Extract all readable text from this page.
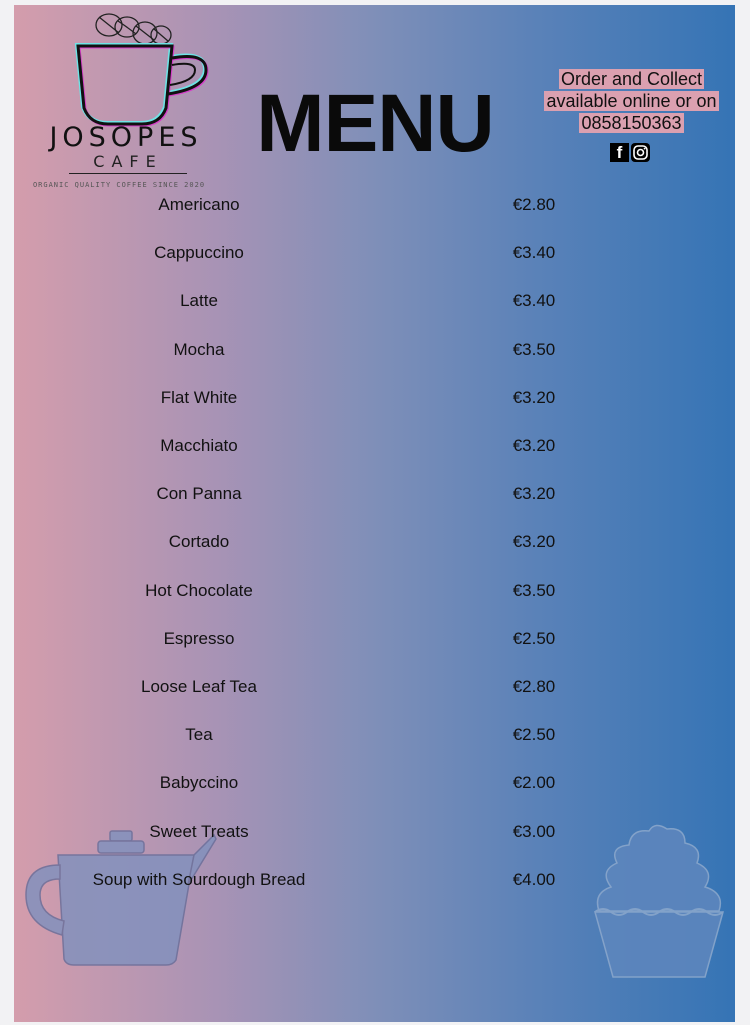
JOSOPES
CAFE
ORGANIC QUALITY COFFEE SINCE 2020
MENU	Order and Collect
available online or on
0858150363
f
Americano	€2.80
Cappuccino	€3.40
Latte	€3.40
Mocha	€3.50
Flat White	€3.20
Macchiato	€3.20
Con Panna	€3.20
Cortado	€3.20
Hot Chocolate	€3.50
Espresso	€2.50
Loose Leaf Tea	€2.80
Tea	€2.50
Babyccino	€2.00
Sweet Treats	€3.00
Soup with Sourdough Bread	€4.00
